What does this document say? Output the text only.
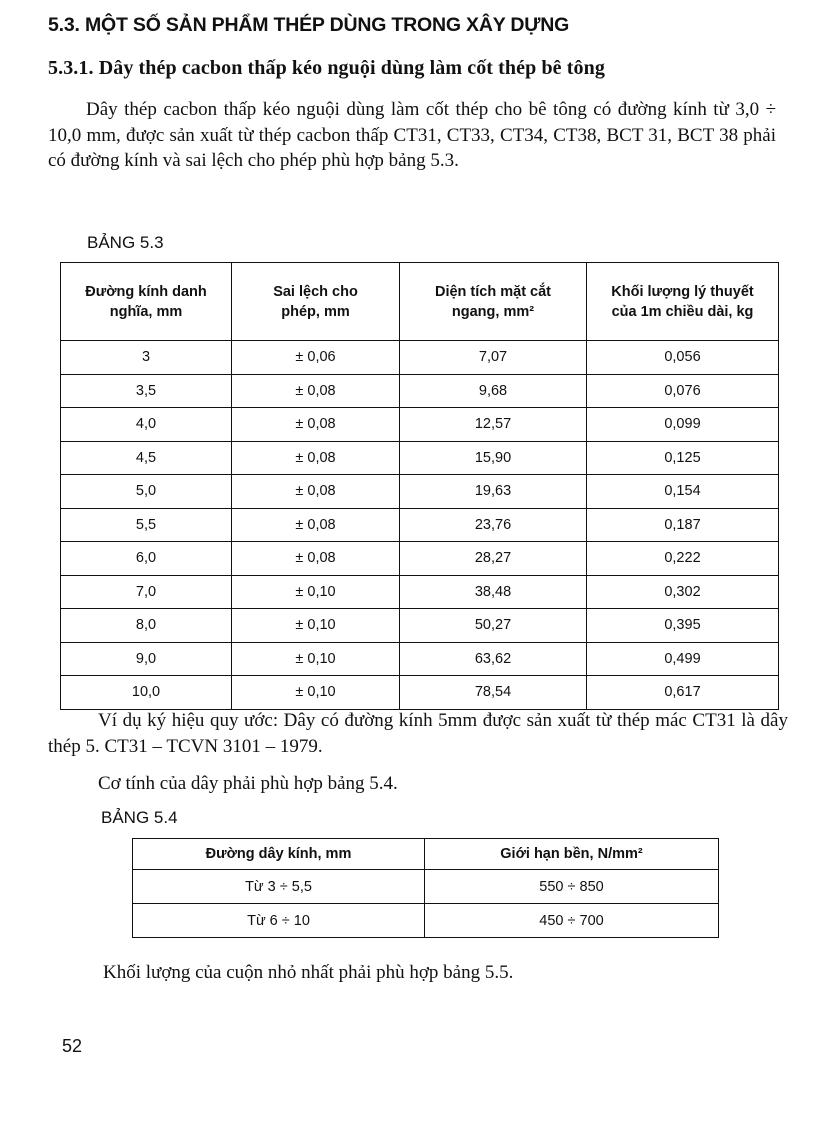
5.3. MỘT SỐ SẢN PHẨM THÉP DÙNG TRONG XÂY DỰNG
5.3.1. Dây thép cacbon thấp kéo nguội dùng làm cốt thép bê tông

Dây thép cacbon thấp kéo nguội dùng làm cốt thép cho bê tông có đường kính từ 3,0 ÷ 10,0 mm, được sản xuất từ thép cacbon thấp CT31, CT33, CT34, CT38, BCT 31, BCT 38 phải có đường kính và sai lệch cho phép phù hợp bảng 5.3.

BẢNG 5.3

Đường kính danh nghĩa, mm	Sai lệch cho phép, mm	Diện tích mặt cắt ngang, mm²	Khối lượng lý thuyết của 1m chiều dài, kg
3	± 0,06	7,07	0,056
3,5	± 0,08	9,68	0,076
4,0	± 0,08	12,57	0,099
4,5	± 0,08	15,90	0,125
5,0	± 0,08	19,63	0,154
5,5	± 0,08	23,76	0,187
6,0	± 0,08	28,27	0,222
7,0	± 0,10	38,48	0,302
8,0	± 0,10	50,27	0,395
9,0	± 0,10	63,62	0,499
10,0	± 0,10	78,54	0,617

Ví dụ ký hiệu quy ước: Dây có đường kính 5mm được sản xuất từ thép mác CT31 là dây thép 5. CT31 – TCVN 3101 – 1979.

Cơ tính của dây phải phù hợp bảng 5.4.

BẢNG 5.4

Đường dây kính, mm	Giới hạn bền, N/mm²
Từ 3 ÷ 5,5	550 ÷ 850
Từ 6 ÷ 10	450 ÷ 700

Khối lượng của cuộn nhỏ nhất phải phù hợp bảng 5.5.

52
